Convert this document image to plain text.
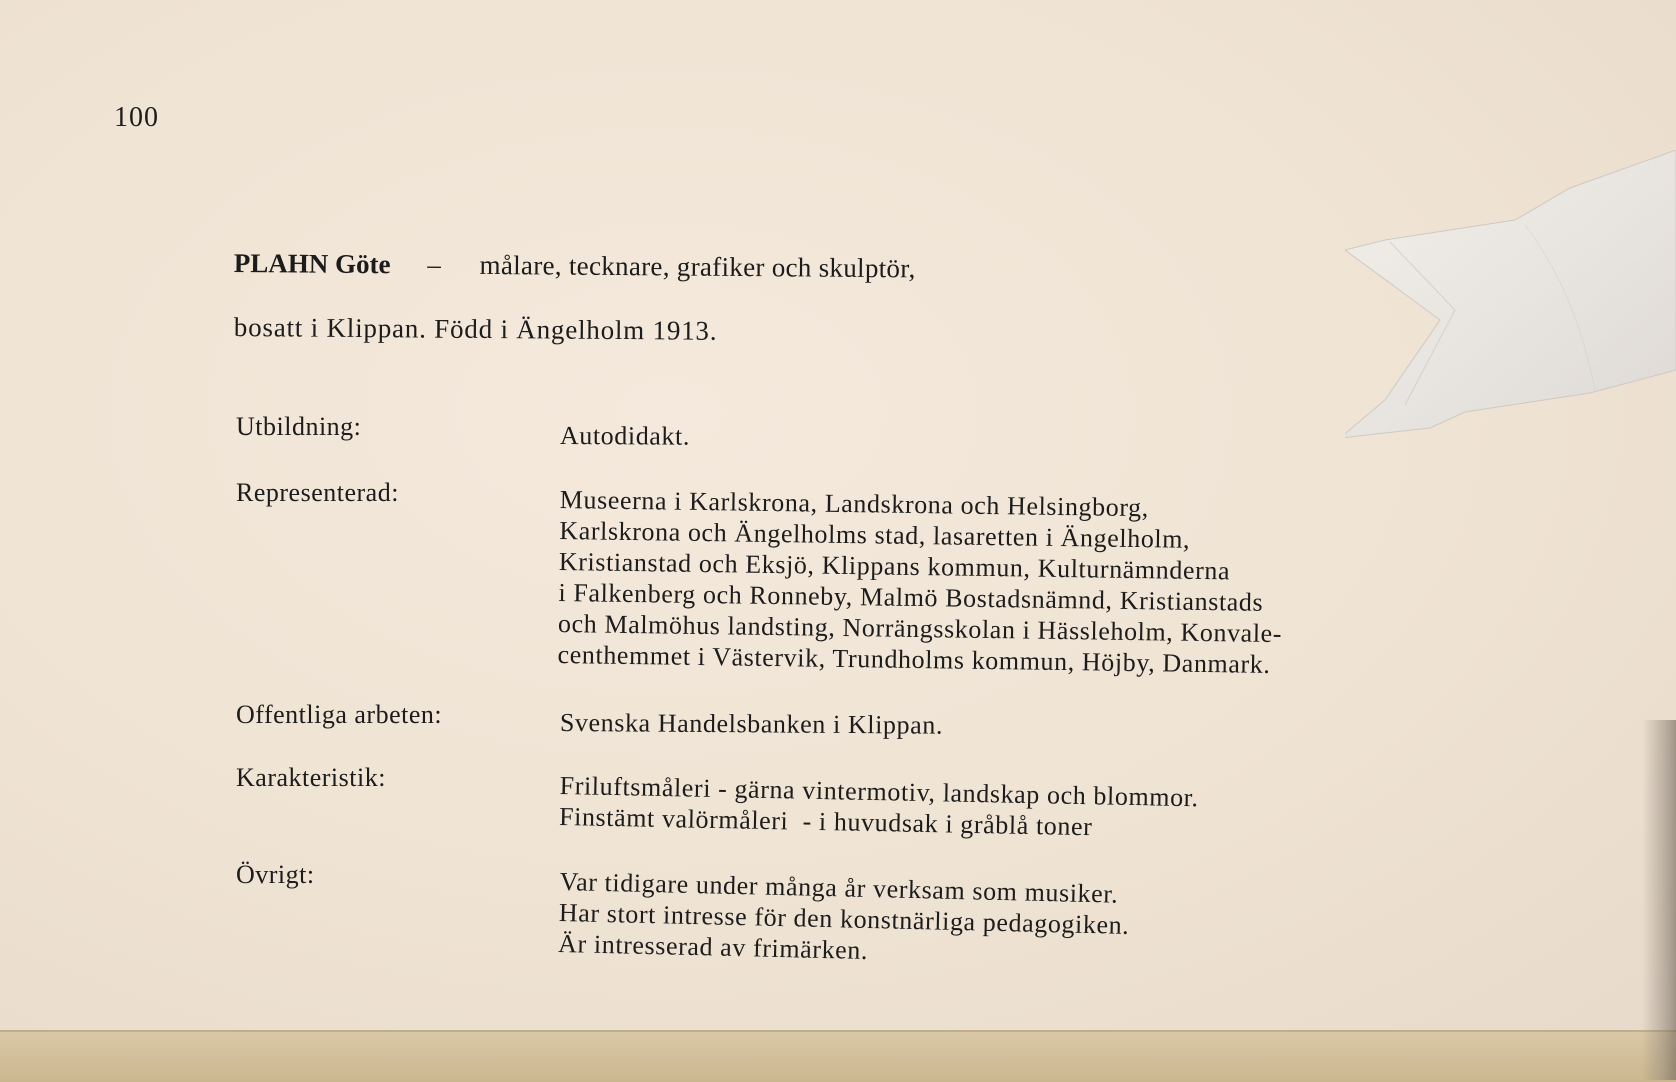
100
PLAHN Göte – målare, tecknare, grafiker och skulptör,
bosatt i Klippan. Född i Ängelholm 1913.
Utbildning:	Autodidakt.
Representerad:	Museerna i Karlskrona, Landskrona och Helsingborg,
Karlskrona och Ängelholms stad, lasaretten i Ängelholm,
Kristianstad och Eksjö, Klippans kommun, Kulturnämnderna
i Falkenberg och Ronneby, Malmö Bostadsnämnd, Kristianstads
och Malmöhus landsting, Norrängsskolan i Hässleholm, Konvale-
centhemmet i Västervik, Trundholms kommun, Höjby, Danmark.
Offentliga arbeten:	Svenska Handelsbanken i Klippan.
Karakteristik:	Friluftsmåleri - gärna vintermotiv, landskap och blommor.
Finstämt valörmåleri  - i huvudsak i gråblå toner
Övrigt:	Var tidigare under många år verksam som musiker.
Har stort intresse för den konstnärliga pedagogiken.
Är intresserad av frimärken.
